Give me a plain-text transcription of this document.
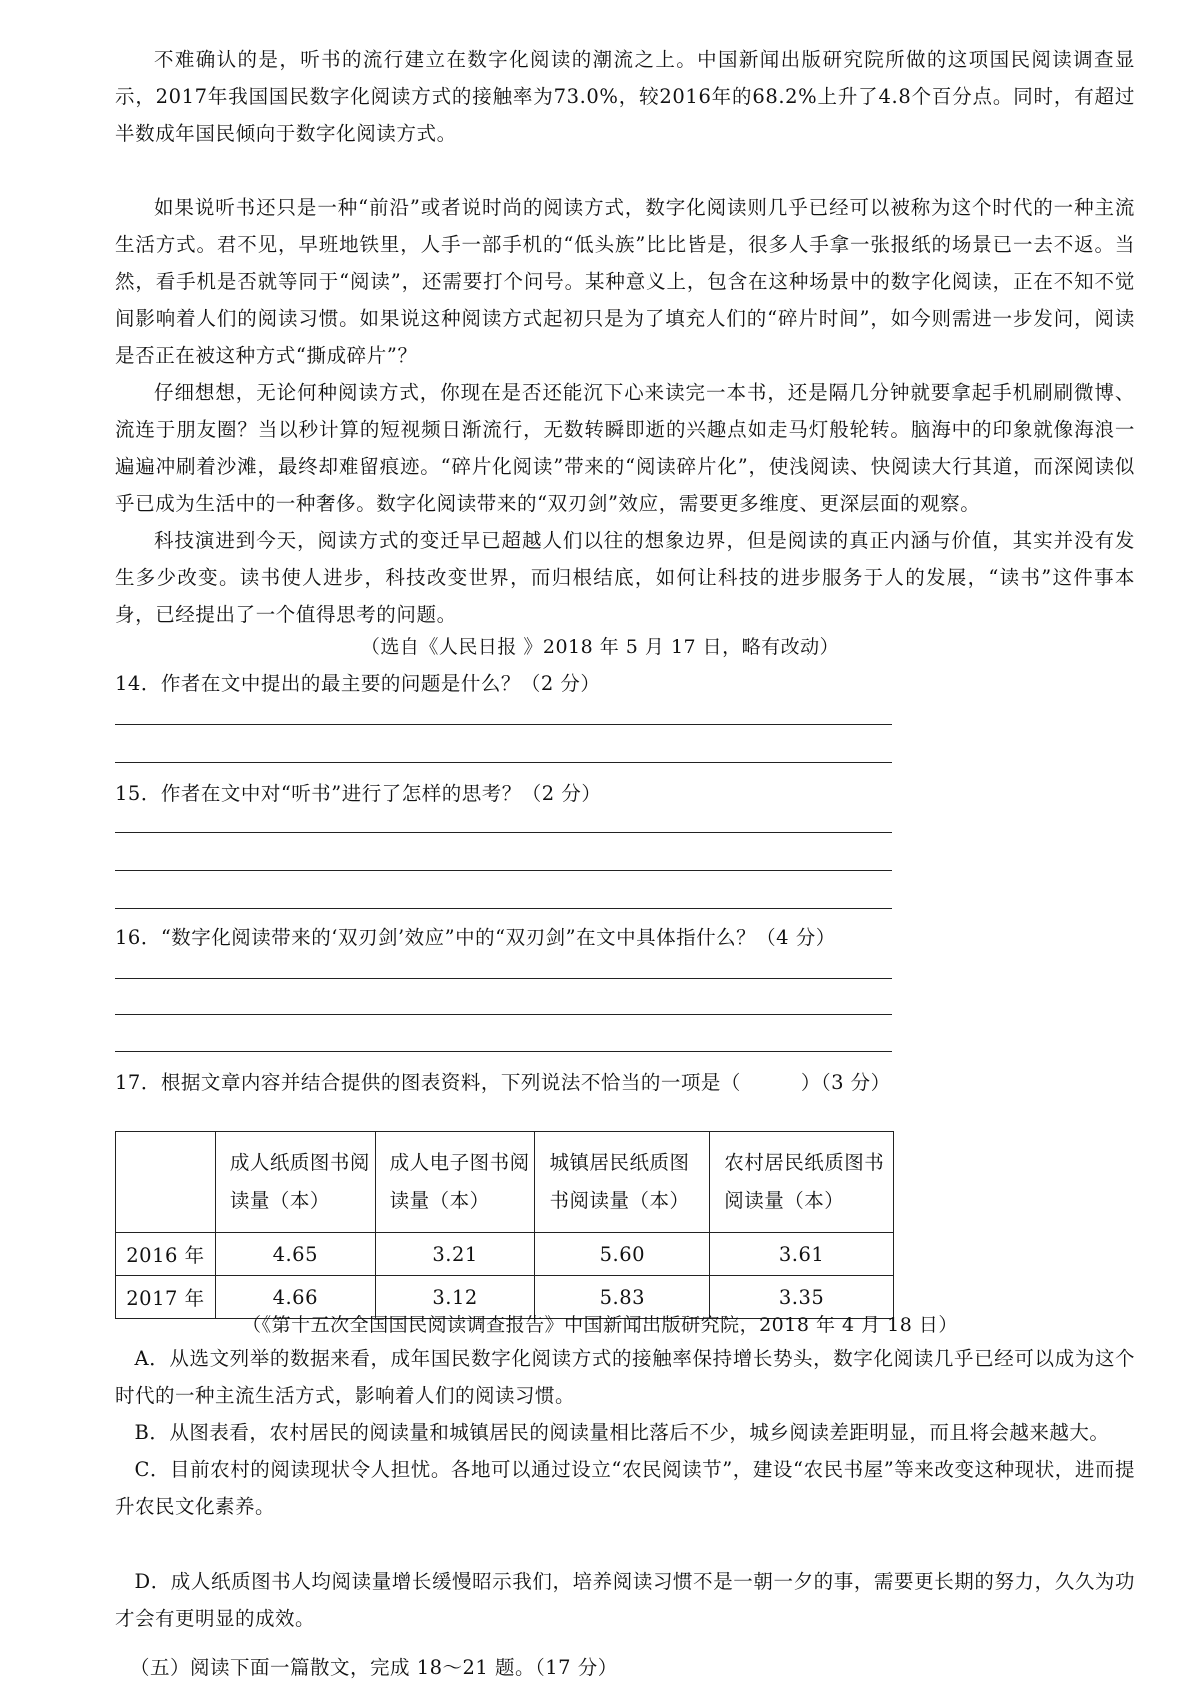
不难确认的是，听书的流行建立在数字化阅读的潮流之上。中国新闻出版研究院所做的这项国民阅读调查显示，2017年我国国民数字化阅读方式的接触率为73.0%，较2016年的68.2%上升了4.8个百分点。同时，有超过半数成年国民倾向于数字化阅读方式。

如果说听书还只是一种“前沿”或者说时尚的阅读方式，数字化阅读则几乎已经可以被称为这个时代的一种主流生活方式。君不见，早班地铁里，人手一部手机的“低头族”比比皆是，很多人手拿一张报纸的场景已一去不返。当然，看手机是否就等同于“阅读”，还需要打个问号。某种意义上，包含在这种场景中的数字化阅读，正在不知不觉间影响着人们的阅读习惯。如果说这种阅读方式起初只是为了填充人们的“碎片时间”，如今则需进一步发问，阅读是否正在被这种方式“撕成碎片”？

仔细想想，无论何种阅读方式，你现在是否还能沉下心来读完一本书，还是隔几分钟就要拿起手机刷刷微博、流连于朋友圈？当以秒计算的短视频日渐流行，无数转瞬即逝的兴趣点如走马灯般轮转。脑海中的印象就像海浪一遍遍冲刷着沙滩，最终却难留痕迹。“碎片化阅读”带来的“阅读碎片化”，使浅阅读、快阅读大行其道，而深阅读似乎已成为生活中的一种奢侈。数字化阅读带来的“双刃剑”效应，需要更多维度、更深层面的观察。

科技演进到今天，阅读方式的变迁早已超越人们以往的想象边界，但是阅读的真正内涵与价值，其实并没有发生多少改变。读书使人进步，科技改变世界，而归根结底，如何让科技的进步服务于人的发展，“读书”这件事本身，已经提出了一个值得思考的问题。

（选自《人民日报 》2018 年 5 月 17 日，略有改动）

14．作者在文中提出的最主要的问题是什么？（2 分）

15．作者在文中对“听书”进行了怎样的思考？（2 分）

16．“数字化阅读带来的‘双刃剑’效应”中的“双刃剑”在文中具体指什么？（4 分）

17．根据文章内容并结合提供的图表资料，下列说法不恰当的一项是（　　　）（3 分）

	成人纸质图书阅读量（本）	成人电子图书阅读量（本）	城镇居民纸质图书阅读量（本）	农村居民纸质图书阅读量（本）
2016 年	4.65	3.21	5.60	3.61
2017 年	4.66	3.12	5.83	3.35

（《第十五次全国国民阅读调查报告》中国新闻出版研究院，2018 年 4 月 18 日）

A．从选文列举的数据来看，成年国民数字化阅读方式的接触率保持增长势头，数字化阅读几乎已经可以成为这个时代的一种主流生活方式，影响着人们的阅读习惯。

B．从图表看，农村居民的阅读量和城镇居民的阅读量相比落后不少，城乡阅读差距明显，而且将会越来越大。

C．目前农村的阅读现状令人担忧。各地可以通过设立“农民阅读节”，建设“农民书屋”等来改变这种现状，进而提升农民文化素养。

D．成人纸质图书人均阅读量增长缓慢昭示我们，培养阅读习惯不是一朝一夕的事，需要更长期的努力，久久为功才会有更明显的成效。

（五）阅读下面一篇散文，完成 18～21 题。（17 分）
